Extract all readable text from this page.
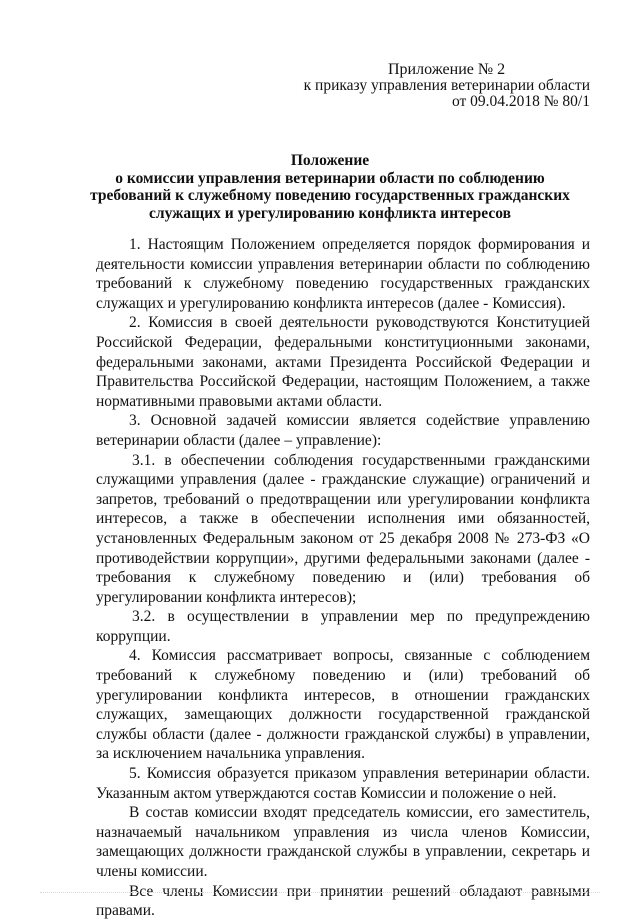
Приложение № 2
к приказу управления ветеринарии области
от 09.04.2018 № 80/1
Положение
о комиссии управления ветеринарии области по соблюдению
требований к служебному поведению государственных гражданских
служащих и урегулированию конфликта интересов

1. Настоящим Положением определяется порядок формирования и деятельности комиссии управления ветеринарии области по соблюдению требований к служебному поведению государственных гражданских служащих и урегулированию конфликта интересов (далее - Комиссия).

2. Комиссия в своей деятельности руководствуются Конституцией Российской Федерации, федеральными конституционными законами, федеральными законами, актами Президента Российской Федерации и Правительства Российской Федерации, настоящим Положением, а также нормативными правовыми актами области.

3. Основной задачей комиссии является содействие управлению ветеринарии области (далее – управление):

3.1. в обеспечении соблюдения государственными гражданскими служащими управления (далее - гражданские служащие) ограничений и запретов, требований о предотвращении или урегулировании конфликта интересов, а также в обеспечении исполнения ими обязанностей, установленных Федеральным законом от 25 декабря 2008 № 273-ФЗ «О противодействии коррупции», другими федеральными законами (далее - требования к служебному поведению и (или) требования об урегулировании конфликта интересов);

3.2. в осуществлении в управлении мер по предупреждению коррупции.

4. Комиссия рассматривает вопросы, связанные с соблюдением требований к служебному поведению и (или) требований об урегулировании конфликта интересов, в отношении гражданских служащих, замещающих должности государственной гражданской службы области (далее - должности гражданской службы) в управлении, за исключением начальника управления.

5. Комиссия образуется приказом управления ветеринарии области. Указанным актом утверждаются состав Комиссии и положение о ней.

В состав комиссии входят председатель комиссии, его заместитель, назначаемый начальником управления из числа членов Комиссии, замещающих должности гражданской службы в управлении, секретарь и члены комиссии.

Все члены Комиссии при принятии решений обладают равными правами.
